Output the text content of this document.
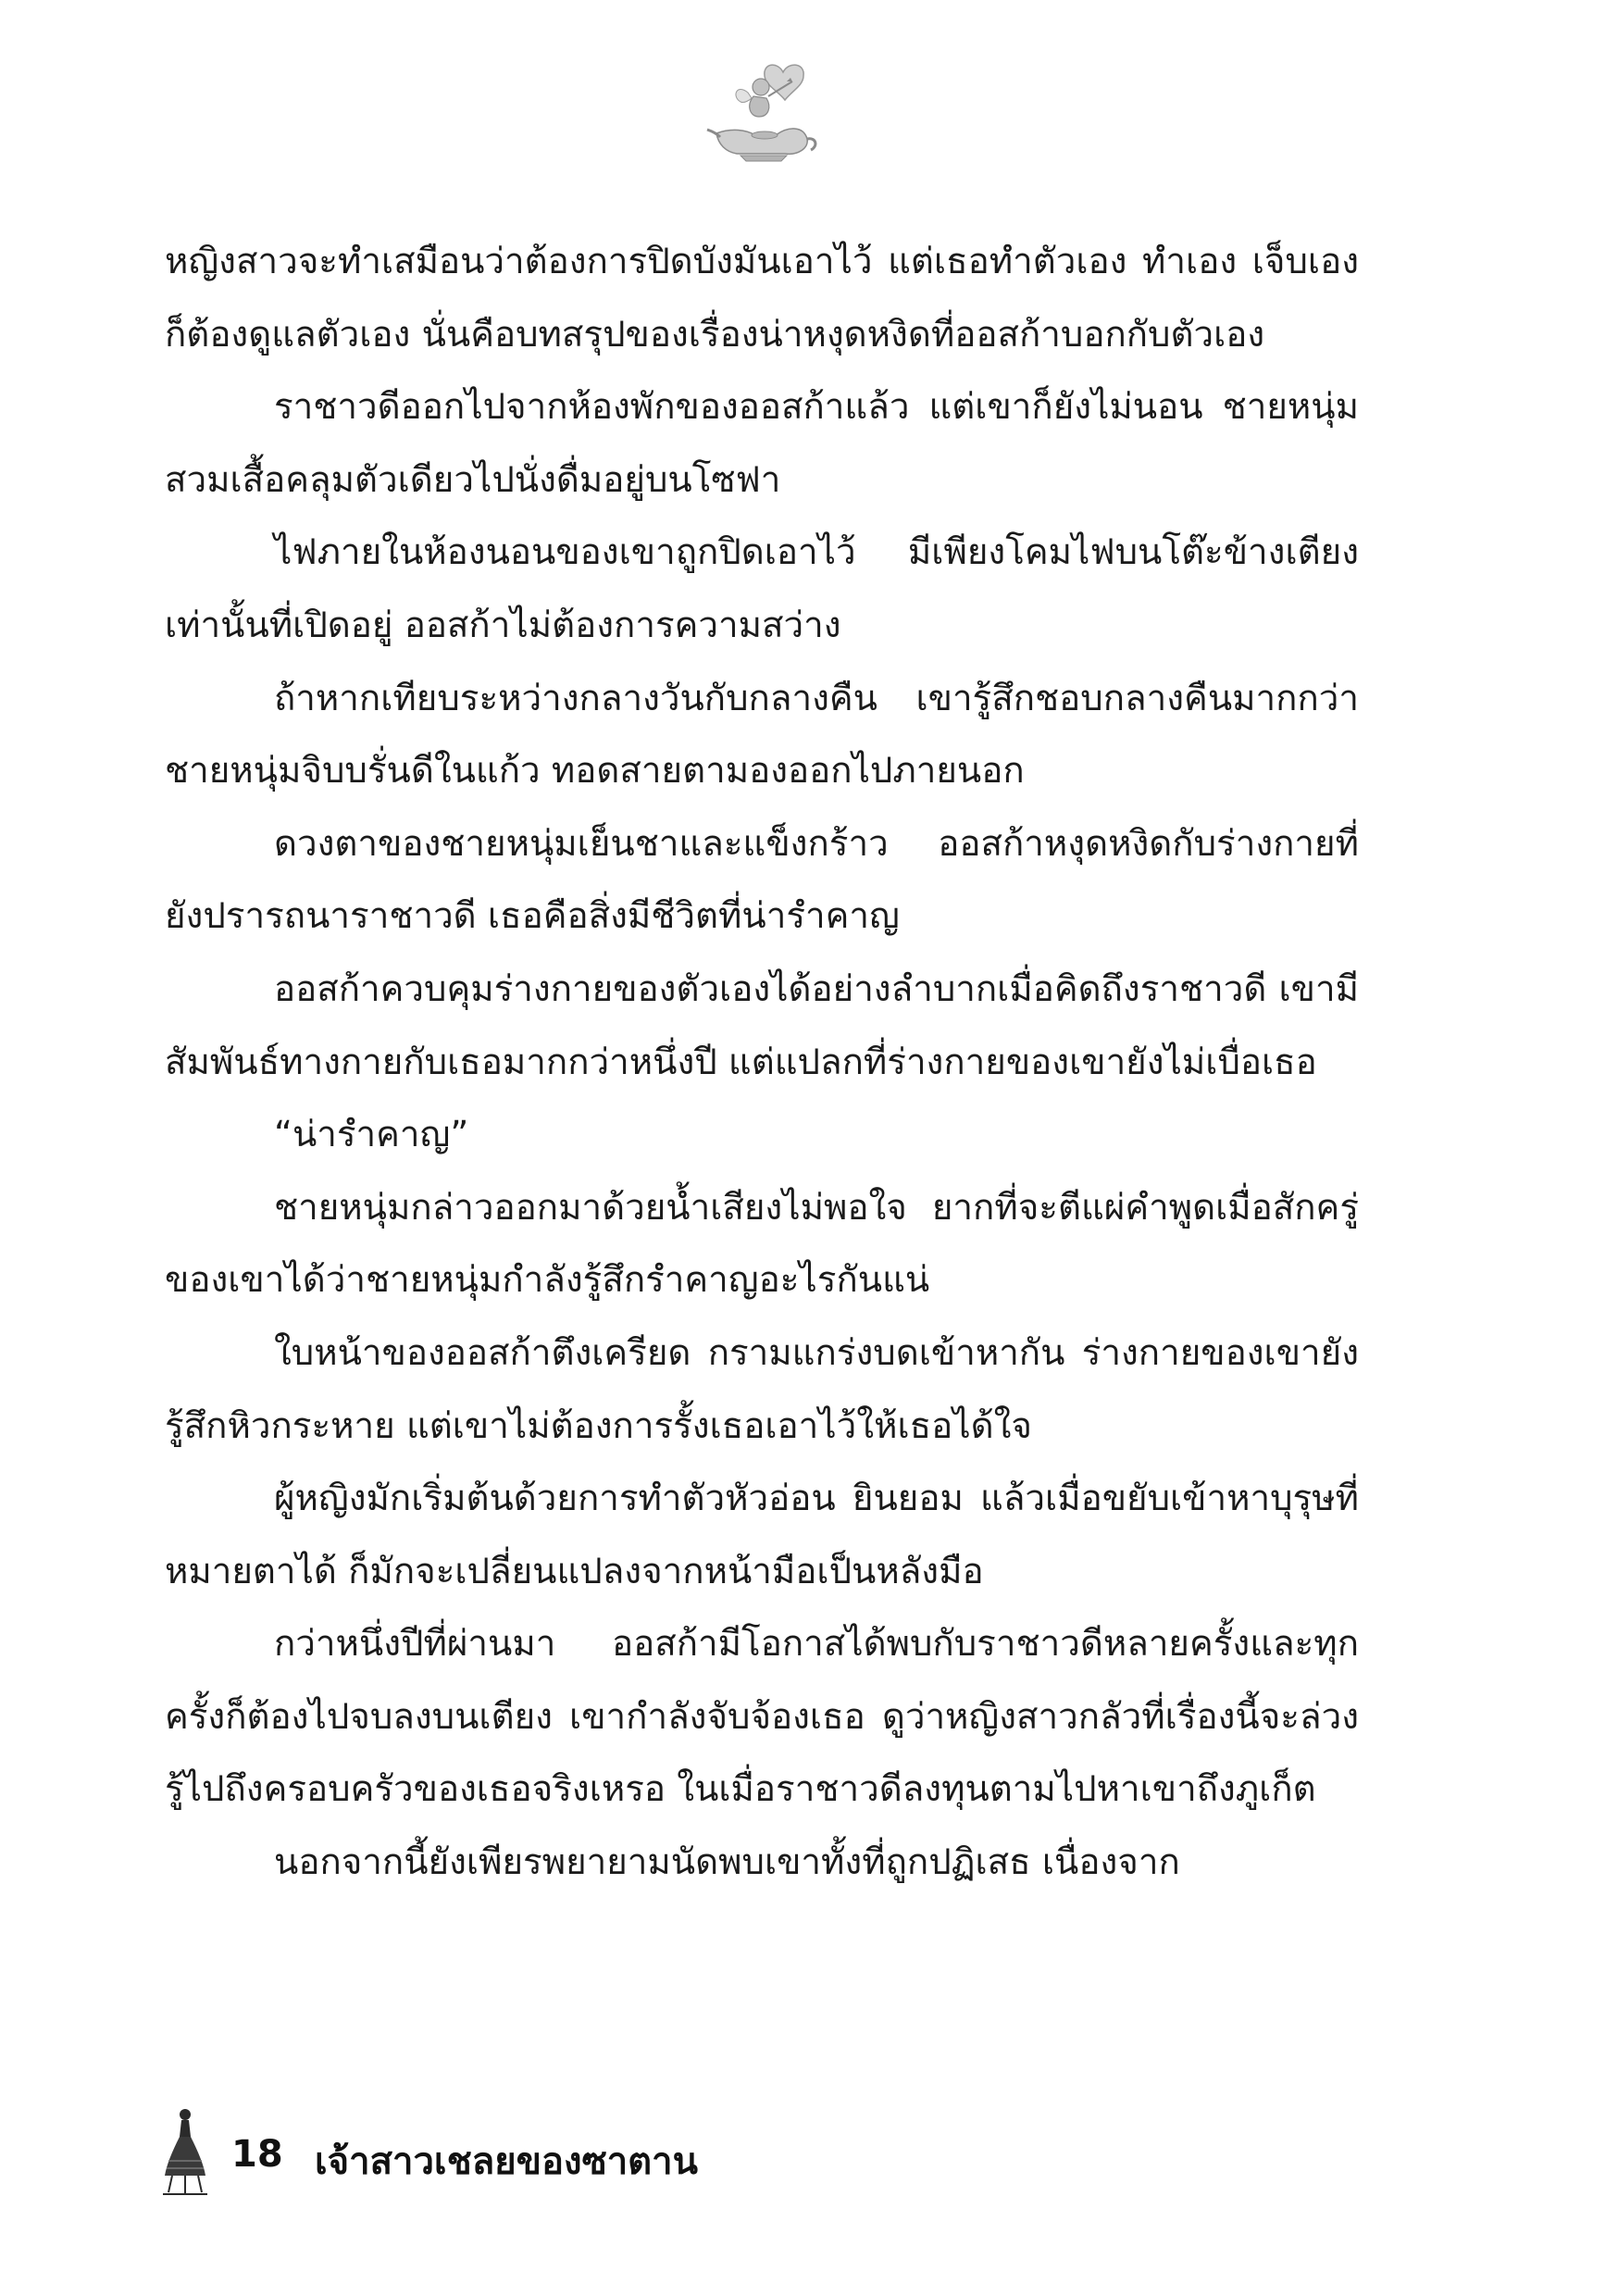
หญิงสาวจะทำเสมือนว่าต้องการปิดบังมันเอาไว้ แต่เธอทำตัวเอง ทำเอง เจ็บเอง ก็ต้องดูแลตัวเอง นั่นคือบทสรุปของเรื่องน่าหงุดหงิดที่ออสก้าบอกกับตัวเอง

ราชาวดีออกไปจากห้องพักของออสก้าแล้ว แต่เขาก็ยังไม่นอน ชายหนุ่มสวมเสื้อคลุมตัวเดียวไปนั่งดื่มอยู่บนโซฟา

ไฟภายในห้องนอนของเขาถูกปิดเอาไว้ มีเพียงโคมไฟบนโต๊ะข้างเตียงเท่านั้นที่เปิดอยู่ ออสก้าไม่ต้องการความสว่าง

ถ้าหากเทียบระหว่างกลางวันกับกลางคืน เขารู้สึกชอบกลางคืนมากกว่า ชายหนุ่มจิบบรั่นดีในแก้ว ทอดสายตามองออกไปภายนอก

ดวงตาของชายหนุ่มเย็นชาและแข็งกร้าว ออสก้าหงุดหงิดกับร่างกายที่ยังปรารถนาราชาวดี เธอคือสิ่งมีชีวิตที่น่ารำคาญ

ออสก้าควบคุมร่างกายของตัวเองได้อย่างลำบากเมื่อคิดถึงราชาวดี เขามีสัมพันธ์ทางกายกับเธอมากกว่าหนึ่งปี แต่แปลกที่ร่างกายของเขายังไม่เบื่อเธอ

“น่ารำคาญ”

ชายหนุ่มกล่าวออกมาด้วยน้ำเสียงไม่พอใจ ยากที่จะตีแผ่คำพูดเมื่อสักครู่ของเขาได้ว่าชายหนุ่มกำลังรู้สึกรำคาญอะไรกันแน่

ใบหน้าของออสก้าตึงเครียด กรามแกร่งบดเข้าหากัน ร่างกายของเขายังรู้สึกหิวกระหาย แต่เขาไม่ต้องการรั้งเธอเอาไว้ให้เธอได้ใจ

ผู้หญิงมักเริ่มต้นด้วยการทำตัวหัวอ่อน ยินยอม แล้วเมื่อขยับเข้าหาบุรุษที่หมายตาได้ ก็มักจะเปลี่ยนแปลงจากหน้ามือเป็นหลังมือ

กว่าหนึ่งปีที่ผ่านมา ออสก้ามีโอกาสได้พบกับราชาวดีหลายครั้งและทุกครั้งก็ต้องไปจบลงบนเตียง เขากำลังจับจ้องเธอ ดูว่าหญิงสาวกลัวที่เรื่องนี้จะล่วงรู้ไปถึงครอบครัวของเธอจริงเหรอ ในเมื่อราชาวดีลงทุนตามไปหาเขาถึงภูเก็ต

นอกจากนี้ยังเพียรพยายามนัดพบเขาทั้งที่ถูกปฏิเสธ เนื่องจาก

18 เจ้าสาวเชลยของซาตาน
